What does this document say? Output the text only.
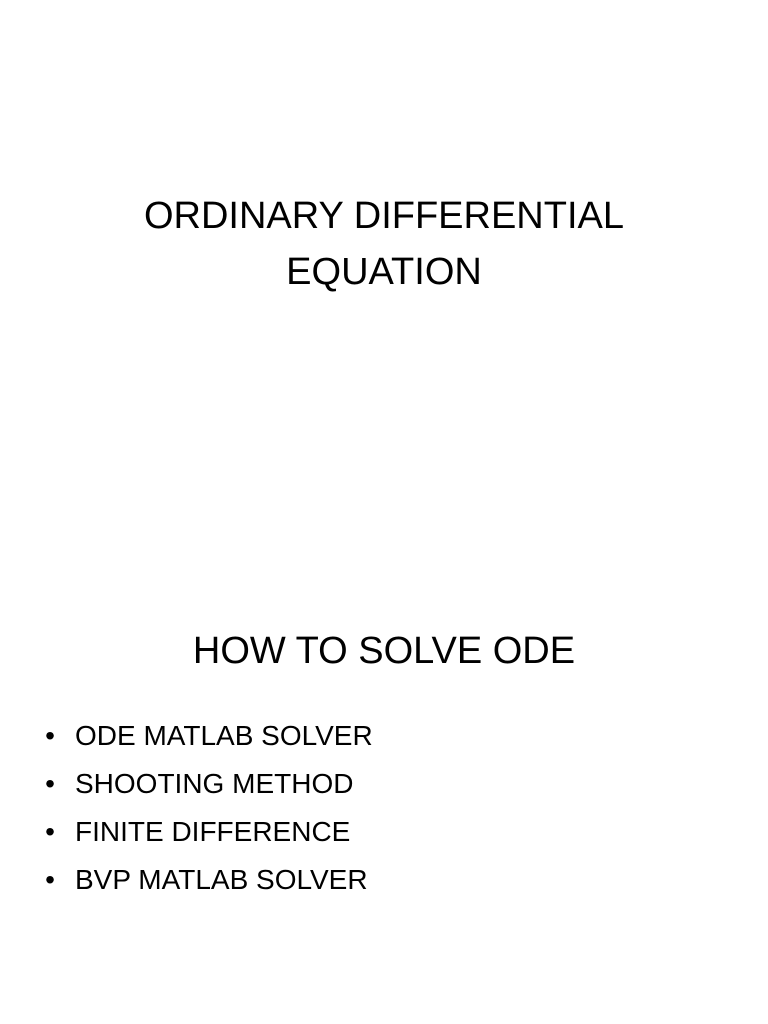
ORDINARY DIFFERENTIAL
EQUATION
HOW TO SOLVE ODE
• ODE MATLAB SOLVER
• SHOOTING METHOD
• FINITE DIFFERENCE
• BVP MATLAB SOLVER
